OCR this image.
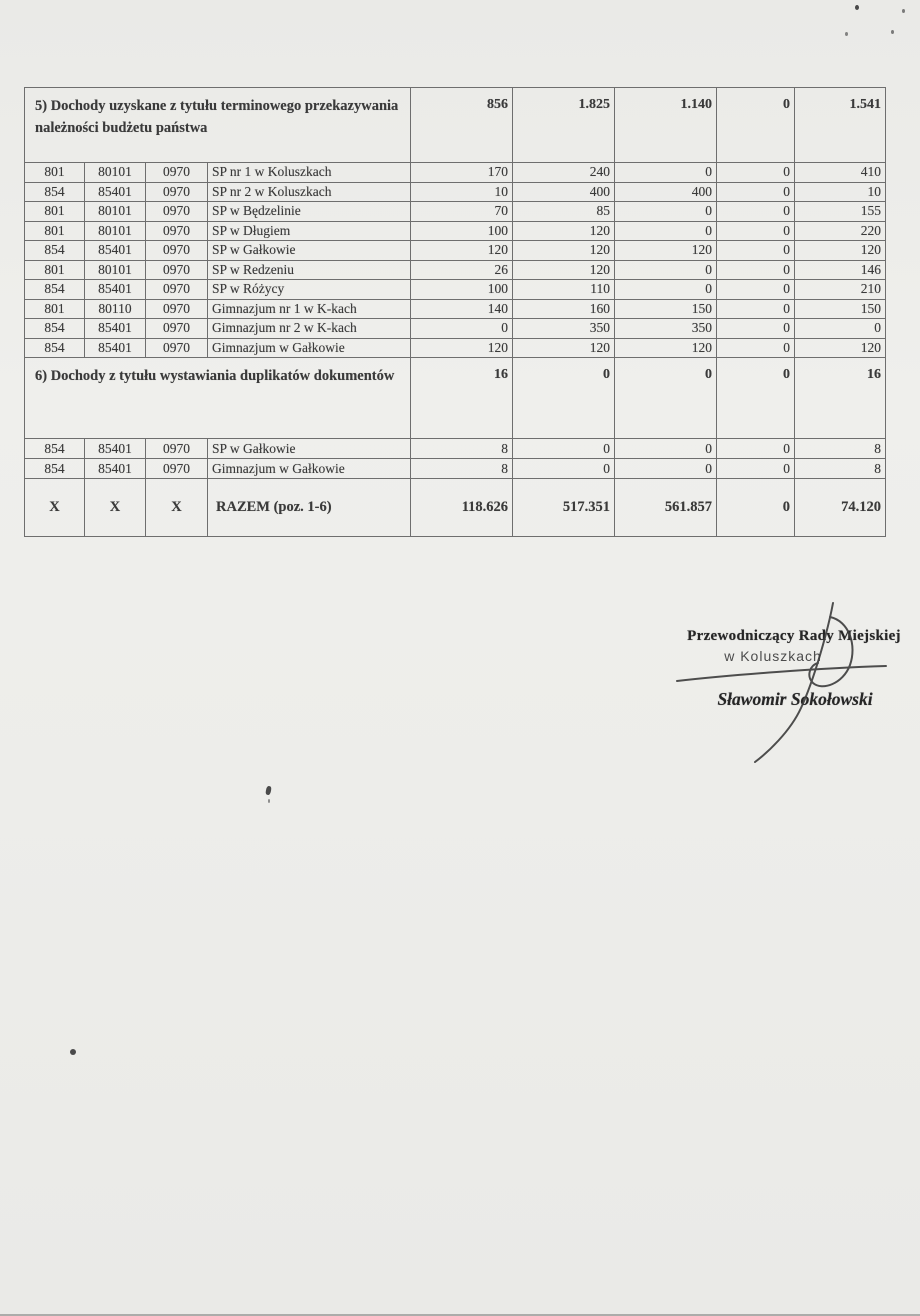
5) Dochody uzyskane z tytułu terminowego przekazywania należności budżetu państwa				856	1.825	1.140	0	1.541
801	80101	0970	SP nr 1 w Koluszkach	170	240	0	0	410
854	85401	0970	SP nr 2 w Koluszkach	10	400	400	0	10
801	80101	0970	SP w Będzelinie	70	85	0	0	155
801	80101	0970	SP w Długiem	100	120	0	0	220
854	85401	0970	SP w Gałkowie	120	120	120	0	120
801	80101	0970	SP w Redzeniu	26	120	0	0	146
854	85401	0970	SP w Różycy	100	110	0	0	210
801	80110	0970	Gimnazjum nr 1 w K-kach	140	160	150	0	150
854	85401	0970	Gimnazjum nr 2 w K-kach	0	350	350	0	0
854	85401	0970	Gimnazjum w Gałkowie	120	120	120	0	120
6) Dochody z tytułu wystawiania duplikatów dokumentów				16	0	0	0	16
854	85401	0970	SP w Gałkowie	8	0	0	0	8
854	85401	0970	Gimnazjum w Gałkowie	8	0	0	0	8
X	X	X	RAZEM (poz. 1-6)	118.626	517.351	561.857	0	74.120
Przewodniczący Rady Miejskiej
w Koluszkach
Sławomir Sokołowski
